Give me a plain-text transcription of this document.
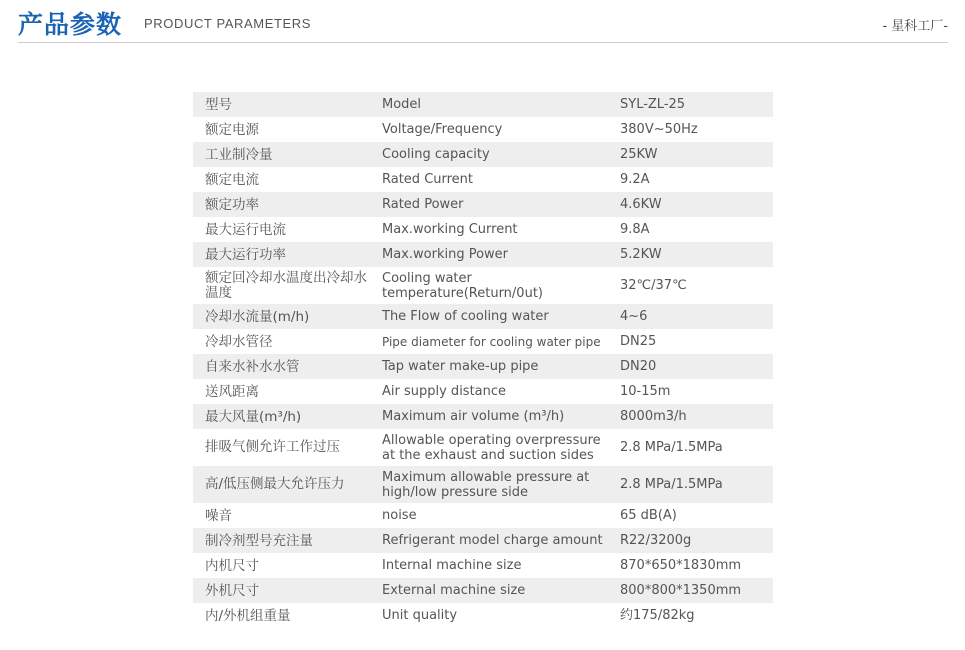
产品参数 PRODUCT PARAMETERS	- 星科工厂-
型号	Model	SYL-ZL-25
额定电源	Voltage/Frequency	380V~50Hz
工业制冷量	Cooling capacity	25KW
额定电流	Rated Current	9.2A
额定功率	Rated Power	4.6KW
最大运行电流	Max.working Current	9.8A
最大运行功率	Max.working Power	5.2KW
额定回冷却水温度出冷却水温度	Cooling water temperature(Return/0ut)	32℃/37℃
冷却水流量(m/h)	The Flow of cooling water	4~6
冷却水管径	Pipe diameter for cooling water pipe	DN25
自来水补水水管	Tap water make-up pipe	DN20
送风距离	Air supply distance	10-15m
最大风量(m³/h)	Maximum air volume (m³/h)	8000m3/h
排吸气侧允许工作过压	Allowable operating overpressure at the exhaust and suction sides	2.8 MPa/1.5MPa
高/低压侧最大允许压力	Maximum allowable pressure at high/low pressure side	2.8 MPa/1.5MPa
噪音	noise	65 dB(A)
制冷剂型号充注量	Refrigerant model charge amount	R22/3200g
内机尺寸	Internal machine size	870*650*1830mm
外机尺寸	External machine size	800*800*1350mm
内/外机组重量	Unit quality	约175/82kg
